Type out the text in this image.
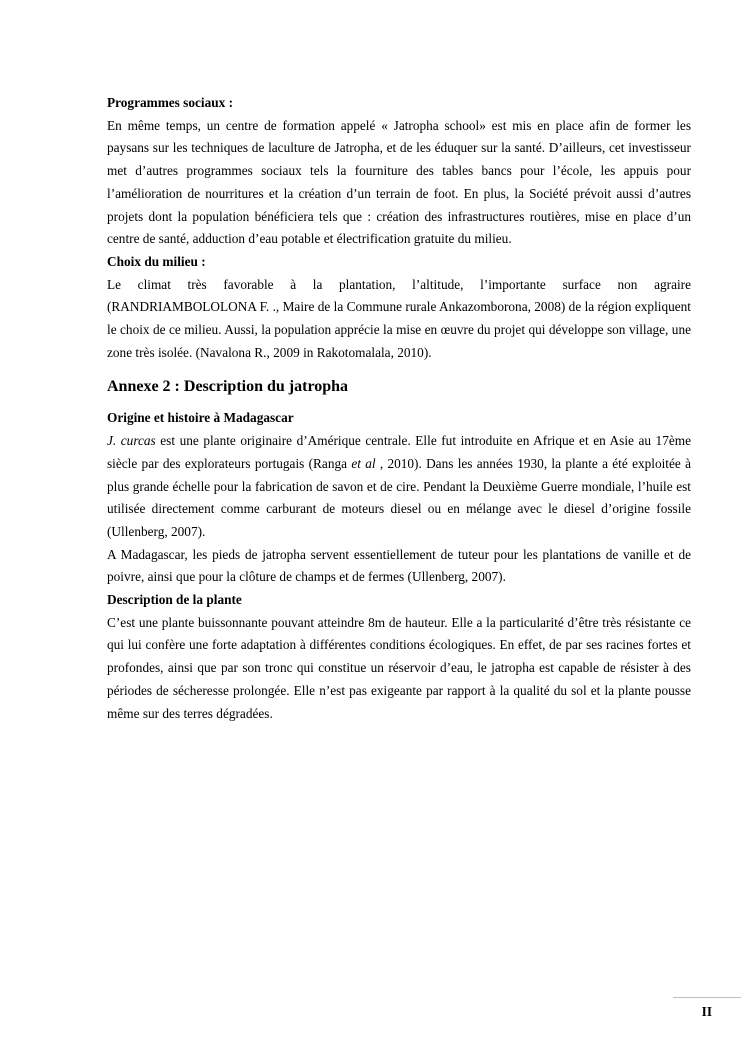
Programmes sociaux :

En même temps, un centre de formation appelé « Jatropha school» est mis en place afin de former les paysans sur les techniques de laculture de Jatropha, et de les éduquer sur la santé. D’ailleurs, cet investisseur met d’autres programmes sociaux tels la fourniture des tables bancs pour l’école, les appuis pour l’amélioration de nourritures et la création d’un terrain de foot. En plus, la Société prévoit aussi d’autres projets dont la population bénéficiera tels que : création des infrastructures routières, mise en place d’un centre de santé, adduction d’eau potable et électrification gratuite du milieu.

Choix du milieu :

Le climat très favorable à la plantation, l’altitude, l’importante surface non agraire (RANDRIAMBOLOLONA F. ., Maire de la Commune rurale Ankazomborona, 2008) de la région expliquent le choix de ce milieu. Aussi, la population apprécie la mise en œuvre du projet qui développe son village, une zone très isolée. (Navalona R., 2009 in Rakotomalala, 2010).

Annexe 2 : Description du jatropha

Origine et histoire à Madagascar

J. curcas est une plante originaire d’Amérique centrale. Elle fut introduite en Afrique et en Asie au 17ème siècle par des explorateurs portugais (Ranga et al , 2010). Dans les années 1930, la plante a été exploitée à plus grande échelle pour la fabrication de savon et de cire. Pendant la Deuxième Guerre mondiale, l’huile est utilisée directement comme carburant de moteurs diesel ou en mélange avec le diesel d’origine fossile (Ullenberg, 2007).

A Madagascar, les pieds de jatropha servent essentiellement de tuteur pour les plantations de vanille et de poivre, ainsi que pour la clôture de champs et de fermes (Ullenberg, 2007).

Description de la plante

C’est une plante buissonnante pouvant atteindre 8m de hauteur. Elle a la particularité d’être très résistante ce qui lui confère une forte adaptation à différentes conditions écologiques. En effet, de par ses racines fortes et profondes, ainsi que par son tronc qui constitue un réservoir d’eau, le jatropha est capable de résister à des périodes de sécheresse prolongée. Elle n’est pas exigeante par rapport à la qualité du sol et la plante pousse même sur des terres dégradées.

II
